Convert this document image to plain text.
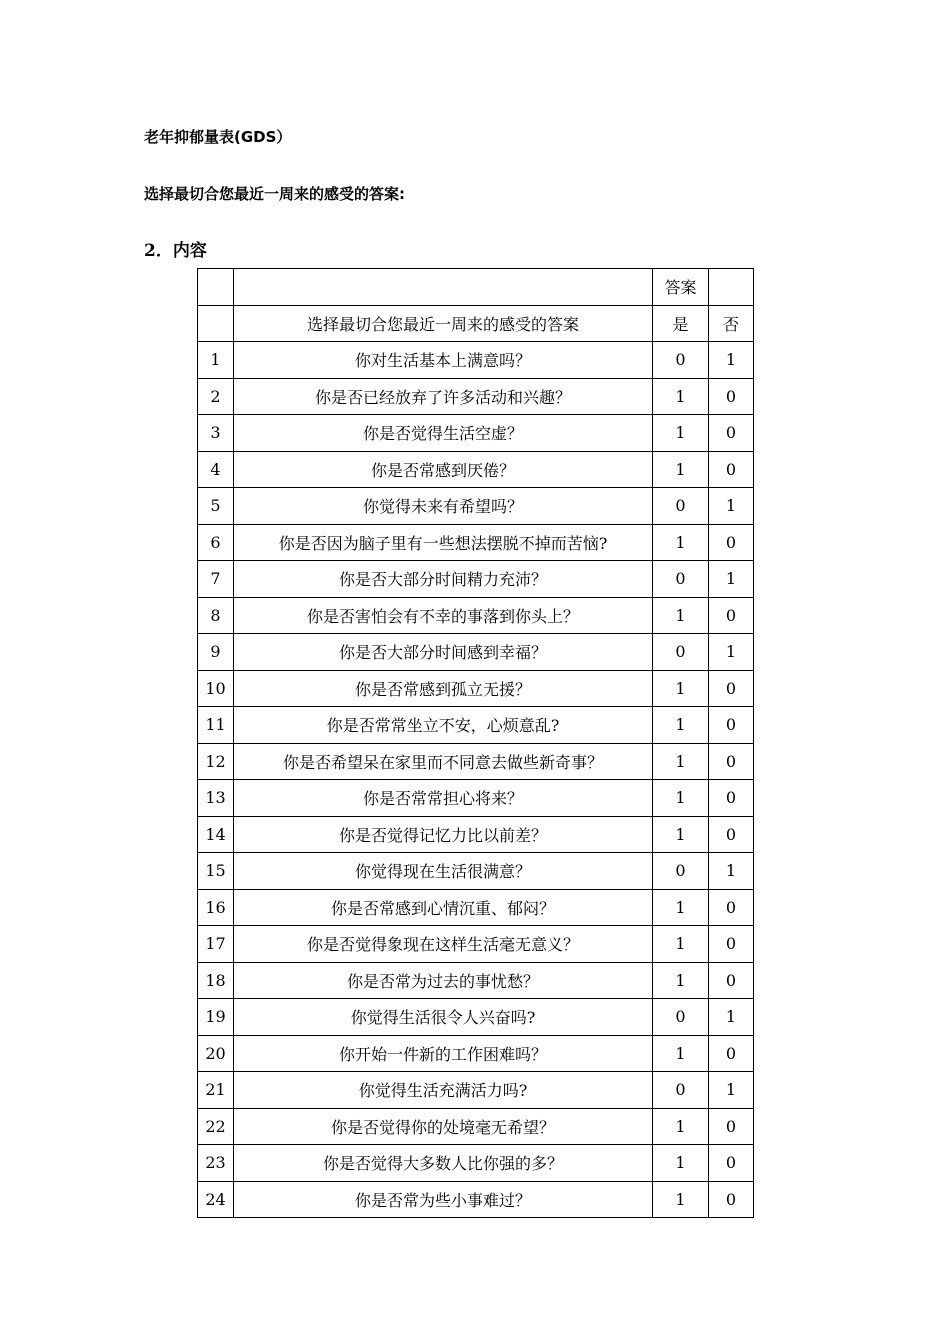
老年抑郁量表(GDS）
选择最切合您最近一周来的感受的答案:
2．内容
		答案	
	选择最切合您最近一周来的感受的答案	是	否
1	你对生活基本上满意吗？	0	1
2	你是否已经放弃了许多活动和兴趣？	1	0
3	你是否觉得生活空虚？	1	0
4	你是否常感到厌倦？	1	0
5	你觉得未来有希望吗？	0	1
6	你是否因为脑子里有一些想法摆脱不掉而苦恼?	1	0
7	你是否大部分时间精力充沛？	0	1
8	你是否害怕会有不幸的事落到你头上？	1	0
9	你是否大部分时间感到幸福？	0	1
10	你是否常感到孤立无援？	1	0
11	你是否常常坐立不安，心烦意乱?	1	0
12	你是否希望呆在家里而不同意去做些新奇事？	1	0
13	你是否常常担心将来？	1	0
14	你是否觉得记忆力比以前差？	1	0
15	你觉得现在生活很满意？	0	1
16	你是否常感到心情沉重、郁闷？	1	0
17	你是否觉得象现在这样生活毫无意义？	1	0
18	你是否常为过去的事忧愁？	1	0
19	你觉得生活很令人兴奋吗?	0	1
20	你开始一件新的工作困难吗？	1	0
21	你觉得生活充满活力吗?	0	1
22	你是否觉得你的处境毫无希望？	1	0
23	你是否觉得大多数人比你强的多？	1	0
24	你是否常为些小事难过？	1	0
